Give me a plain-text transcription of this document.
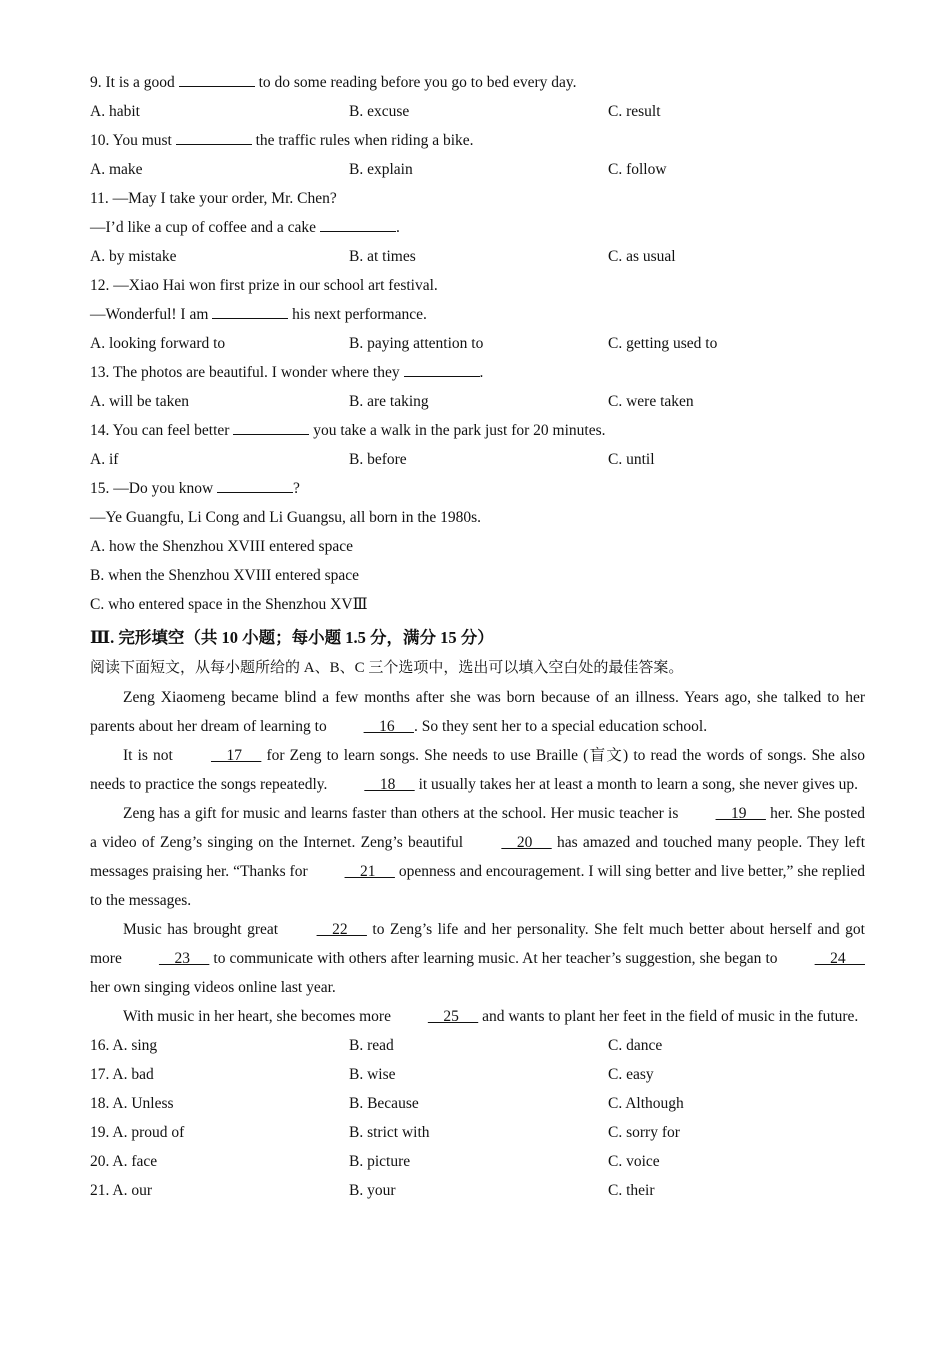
9. It is a good	to do some reading before you go to bed every day.
A. habit	B. excuse	C. result
10. You must	the traffic rules when riding a bike.
A. make	B. explain	C. follow
11. —May I take your order, Mr. Chen?
—I’d like a cup of coffee and a cake	.
A. by mistake	B. at times	C. as usual
12. —Xiao Hai won first prize in our school art festival.
—Wonderful! I am	his next performance.
A. looking forward to	B. paying attention to	C. getting used to
13. The photos are beautiful. I wonder where they	.
A. will be taken	B. are taking	C. were taken
14. You can feel better	you take a walk in the park just for 20 minutes.
A. if	B. before	C. until
15. —Do you know	?
—Ye Guangfu, Li Cong and Li Guangsu, all born in the 1980s.
A. how the Shenzhou XVIII entered space
B. when the Shenzhou XVIII entered space
C. who entered space in the Shenzhou XVⅢ
Ⅲ. 完形填空（共 10 小题；每小题 1.5 分，满分 15 分）
阅读下面短文，从每小题所给的 A、B、C 三个选项中，选出可以填入空白处的最佳答案。
Zeng Xiaomeng became blind a few months after she was born because of an illness. Years ago, she talked to her parents about her dream of learning to     16     . So they sent her to a special education school.
It is not     17      for Zeng to learn songs. She needs to use Braille (盲文) to read the words of songs. She also needs to practice the songs repeatedly.     18      it usually takes her at least a month to learn a song, she never gives up.
Zeng has a gift for music and learns faster than others at the school. Her music teacher is     19      her. She posted a video of Zeng’s singing on the Internet. Zeng’s beautiful     20      has amazed and touched many people. They left messages praising her. “Thanks for     21      openness and encouragement. I will sing better and live better,” she replied to the messages.
Music has brought great     22      to Zeng’s life and her personality. She felt much better about herself and got more     23      to communicate with others after learning music. At her teacher’s suggestion, she began to     24      her own singing videos online last year.
With music in her heart, she becomes more     25      and wants to plant her feet in the field of music in the future.
16. A. sing	B. read	C. dance
17. A. bad	B. wise	C. easy
18. A. Unless	B. Because	C. Although
19. A. proud of	B. strict with	C. sorry for
20. A. face	B. picture	C. voice
21. A. our	B. your	C. their
